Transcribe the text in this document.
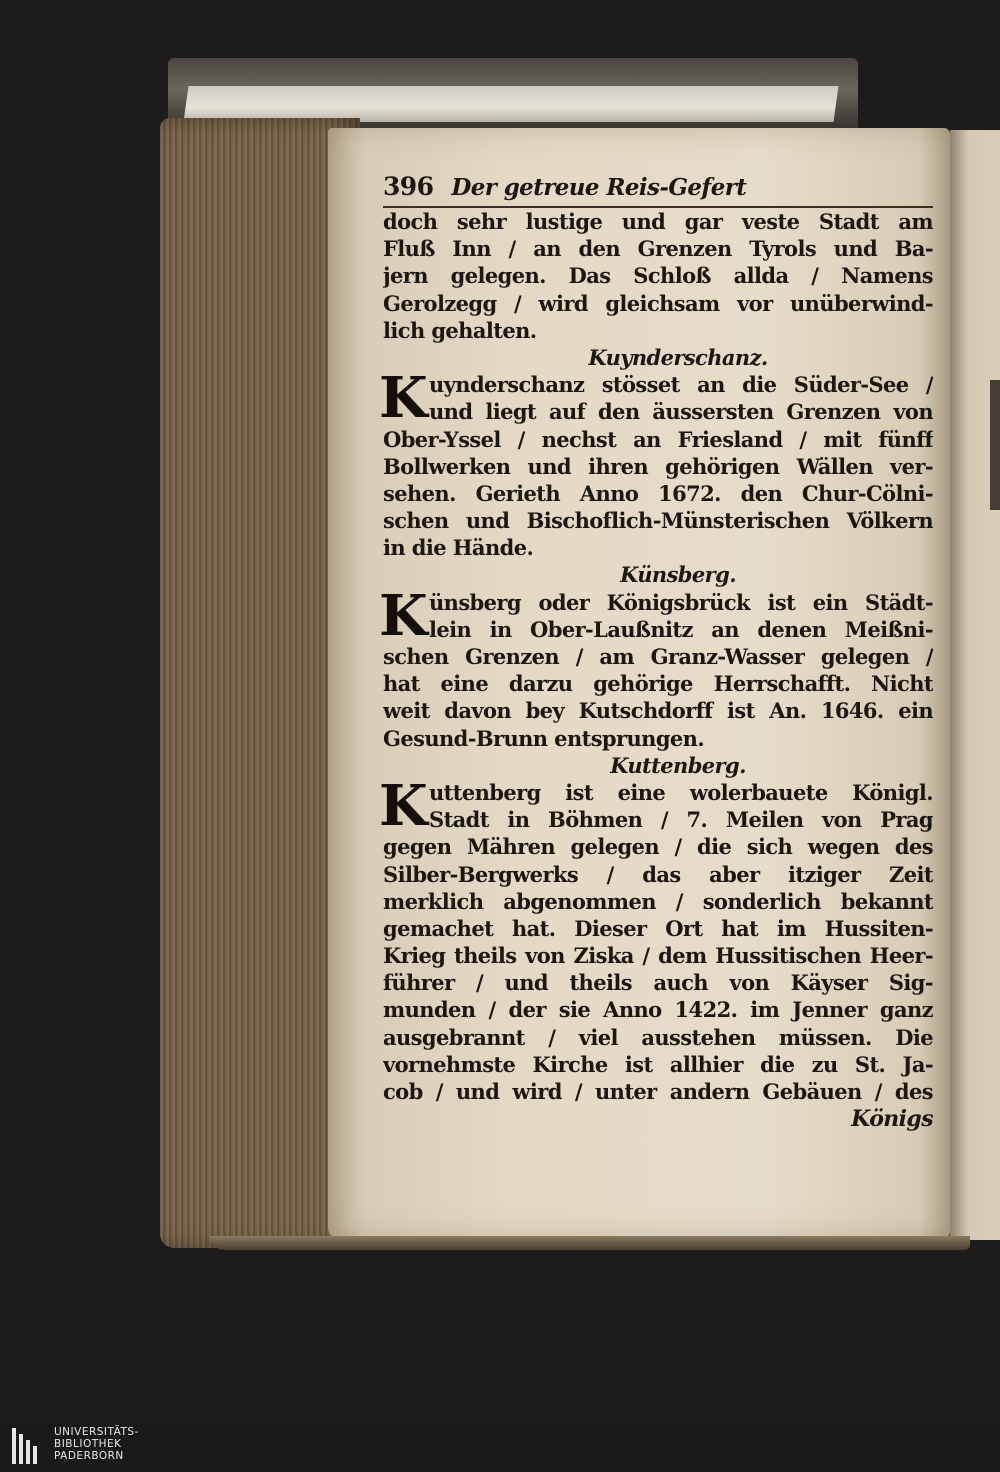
396 Der getreue Reis-Gefert
doch sehr lustige und gar veste Stadt am
Fluß Inn / an den Grenzen Tyrols und Ba-
jern gelegen. Das Schloß allda / Namens
Gerolzegg / wird gleichsam vor unüberwind-
lich gehalten.
Kuynderschanz.
K uynderschanz stösset an die Süder-See /
und liegt auf den äussersten Grenzen von
Ober-Yssel / nechst an Friesland / mit fünff
Bollwerken und ihren gehörigen Wällen ver-
sehen. Gerieth Anno 1672. den Chur-Cölni-
schen und Bischoflich-Münsterischen Völkern
in die Hände.
Künsberg.
K ünsberg oder Königsbrück ist ein Städt-
lein in Ober-Laußnitz an denen Meißni-
schen Grenzen / am Granz-Wasser gelegen /
hat eine darzu gehörige Herrschafft. Nicht
weit davon bey Kutschdorff ist An. 1646. ein
Gesund-Brunn entsprungen.
Kuttenberg.
K uttenberg ist eine wolerbauete Königl.
Stadt in Böhmen / 7. Meilen von Prag
gegen Mähren gelegen / die sich wegen des
Silber-Bergwerks / das aber itziger Zeit
merklich abgenommen / sonderlich bekannt
gemachet hat. Dieser Ort hat im Hussiten-
Krieg theils von Ziska / dem Hussitischen Heer-
führer / und theils auch von Käyser Sig-
munden / der sie Anno 1422. im Jenner ganz
ausgebrannt / viel ausstehen müssen. Die
vornehmste Kirche ist allhier die zu St. Ja-
cob / und wird / unter andern Gebäuen / des
Königs
UNIVERSITÄTS-
BIBLIOTHEK
PADERBORN
